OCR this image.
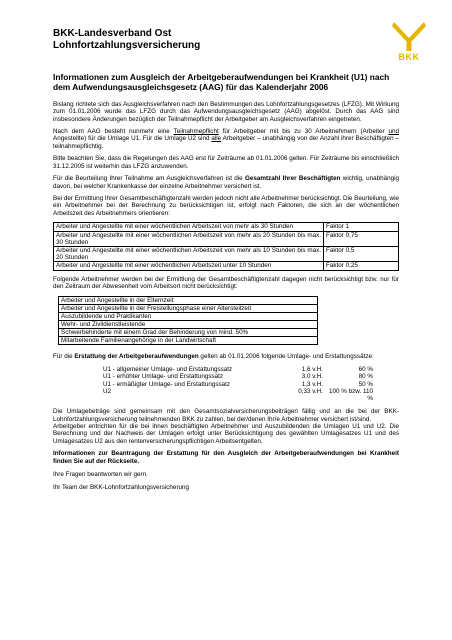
BKK-Landesverband Ost
Lohnfortzahlungsversicherung
BKK
Informationen zum Ausgleich der Arbeitgeberaufwendungen bei Krankheit (U1) nach dem Aufwendungsausgleichsgesetz (AAG) für das Kalenderjahr 2006

Bislang richtete sich das Ausgleichsverfahren nach den Bestimmungen des Lohnfortzahlungsgesetzes (LFZG). Mit Wirkung zum 01.01.2006 wurde das LFZG durch das Aufwendungsausgleichsgesetz (AAG) abgelöst. Durch das AAG sind insbesondere Änderungen bezüglich der Teilnahmepflicht der Arbeitgeber am Ausgleichsverfahren eingetreten.

Nach dem AAG besteht nunmehr eine Teilnahmepflicht für Arbeitgeber mit bis zu 30 Arbeitnehmern (Arbeiter und Angestellte) für die Umlage U1. Für die Umlage U2 sind alle Arbeitgeber – unabhängig von der Anzahl ihrer Beschäftigten – teilnahmepflichtig.

Bitte beachten Sie, dass die Regelungen des AAG erst für Zeiträume ab 01.01.2006 gelten. Für Zeiträume bis einschließlich 31.12.2005 ist weiterhin das LFZG anzuwenden.

Für die Beurteilung Ihrer Teilnahme am Ausgleichsverfahren ist die Gesamtzahl Ihrer Beschäftigten wichtig, unabhängig davon, bei welcher Krankenkasse der einzelne Arbeitnehmer versichert ist.

Bei der Ermittlung Ihrer Gesamtbeschäftigtenzahl werden jedoch nicht alle Arbeitnehmer berücksichtigt. Die Beurteilung, wie ein Arbeitnehmer bei der Berechnung zu berücksichtigen ist, erfolgt nach Faktoren, die sich an der wöchentlichen Arbeitszeit des Arbeitnehmers orientieren:

Arbeiter und Angestellte mit einer wöchentlichen Arbeitszeit von mehr als 30 Stunden	Faktor 1
Arbeiter und Angestellte mit einer wöchentlichen Arbeitszeit von mehr als 20 Stunden bis max. 30 Stunden	Faktor 0,75
Arbeiter und Angestellte mit einer wöchentlichen Arbeitszeit von mehr als 10 Stunden bis max. 20 Stunden	Faktor 0,5
Arbeiter und Angestellte mit einer wöchentlichen Arbeitszeit unter 10 Stunden	Faktor 0,25

Folgende Arbeitnehmer werden bei der Ermittlung der Gesamtbeschäftigtenzahl dagegen nicht berücksichtigt bzw. nur für den Zeitraum der Abwesenheit vom Arbeitsort nicht berücksichtigt:

Arbeiter und Angestellte in der Elternzeit
Arbeiter und Angestellte in der Freistellungsphase einer Altersteilzeit
Auszubildende und Praktikanten
Wehr- und Zivildienstleistende
Schwerbehinderte mit einem Grad der Behinderung von mind. 50%
Mitarbeitende Familienangehörige in der Landwirtschaft

Für die Erstattung der Arbeitgeberaufwendungen gelten ab 01.01.2006 folgende Umlage- und Erstattungssätze:

U1 - allgemeiner Umlage- und Erstattungssatz	1,6 v.H.	60 %
U1 - erhöhter Umlage- und Erstattungssatz	3,0 v.H.	80 %
U1 - ermäßigter Umlage- und Erstattungssatz	1,3 v.H.	50 %
U2	0,33 v.H. 100 % bzw. 110 %

Die Umlagebeträge sind gemeinsam mit den Gesamtsozialversicherungsbeiträgen fällig und an die bei der BKK-Lohnfortzahlungsversicherung teilnehmenden BKK zu zahlen, bei der/denen Ihr/e Arbeitnehmer versichert ist/sind.

Arbeitgeber entrichten für die bei ihnen beschäftigten Arbeitnehmer und Auszubildenden die Umlagen U1 und U2. Die Berechnung und der Nachweis der Umlagen erfolgt unter Berücksichtigung des gewählten Umlagesatzes U1 und des Umlagesatzes U2 aus den rentenversicherungspflichtigen Arbeitsentgelten.

Informationen zur Beantragung der Erstattung für den Ausgleich der Arbeitgeberaufwendungen bei Krankheit finden Sie auf der Rückseite.

Ihre Fragen beantworten wir gern.

Ihr Team der BKK-Lohnfortzahlungsversicherung
